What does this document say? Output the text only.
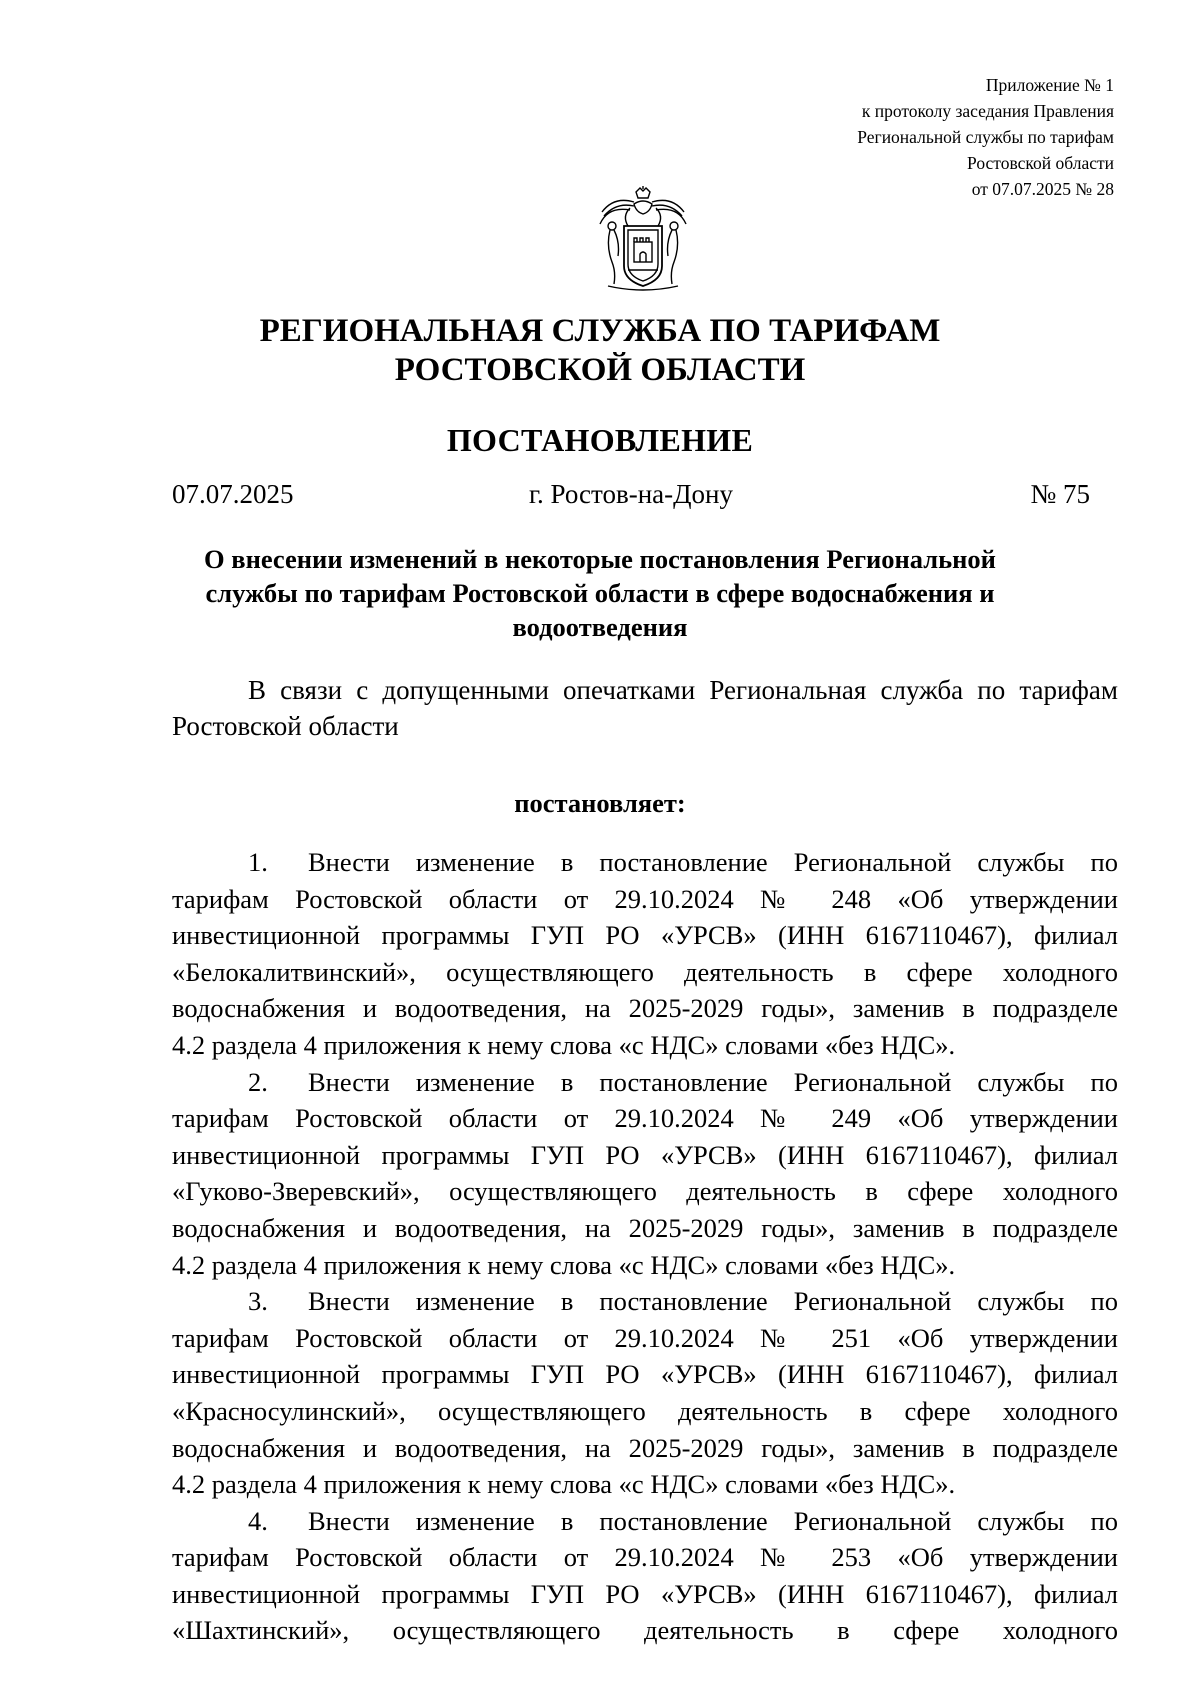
Приложение № 1
к протоколу заседания Правления
Региональной службы по тарифам
Ростовской области
от 07.07.2025 № 28
РЕГИОНАЛЬНАЯ СЛУЖБА ПО ТАРИФАМ
РОСТОВСКОЙ ОБЛАСТИ
ПОСТАНОВЛЕНИЕ
г. Ростов-на-Дону
07.07.2025	№ 75
О внесении изменений в некоторые постановления Региональной
службы по тарифам Ростовской области в сфере водоснабжения и
водоотведения
В связи с допущенными опечатками Региональная служба по тарифам
Ростовской области
постановляет:
1. Внести изменение в постановление Региональной службы по
тарифам Ростовской области от 29.10.2024 № 248 «Об утверждении
инвестиционной программы ГУП РО «УРСВ» (ИНН 6167110467), филиал
«Белокалитвинский», осуществляющего деятельность в сфере холодного
водоснабжения и водоотведения, на 2025-2029 годы», заменив в подразделе
4.2 раздела 4 приложения к нему слова «с НДС» словами «без НДС».
2. Внести изменение в постановление Региональной службы по
тарифам Ростовской области от 29.10.2024 № 249 «Об утверждении
инвестиционной программы ГУП РО «УРСВ» (ИНН 6167110467), филиал
«Гуково-Зверевский», осуществляющего деятельность в сфере холодного
водоснабжения и водоотведения, на 2025-2029 годы», заменив в подразделе
4.2 раздела 4 приложения к нему слова «с НДС» словами «без НДС».
3. Внести изменение в постановление Региональной службы по
тарифам Ростовской области от 29.10.2024 № 251 «Об утверждении
инвестиционной программы ГУП РО «УРСВ» (ИНН 6167110467), филиал
«Красносулинский», осуществляющего деятельность в сфере холодного
водоснабжения и водоотведения, на 2025-2029 годы», заменив в подразделе
4.2 раздела 4 приложения к нему слова «с НДС» словами «без НДС».
4. Внести изменение в постановление Региональной службы по
тарифам Ростовской области от 29.10.2024 № 253 «Об утверждении
инвестиционной программы ГУП РО «УРСВ» (ИНН 6167110467), филиал
«Шахтинский», осуществляющего деятельность в сфере холодного
